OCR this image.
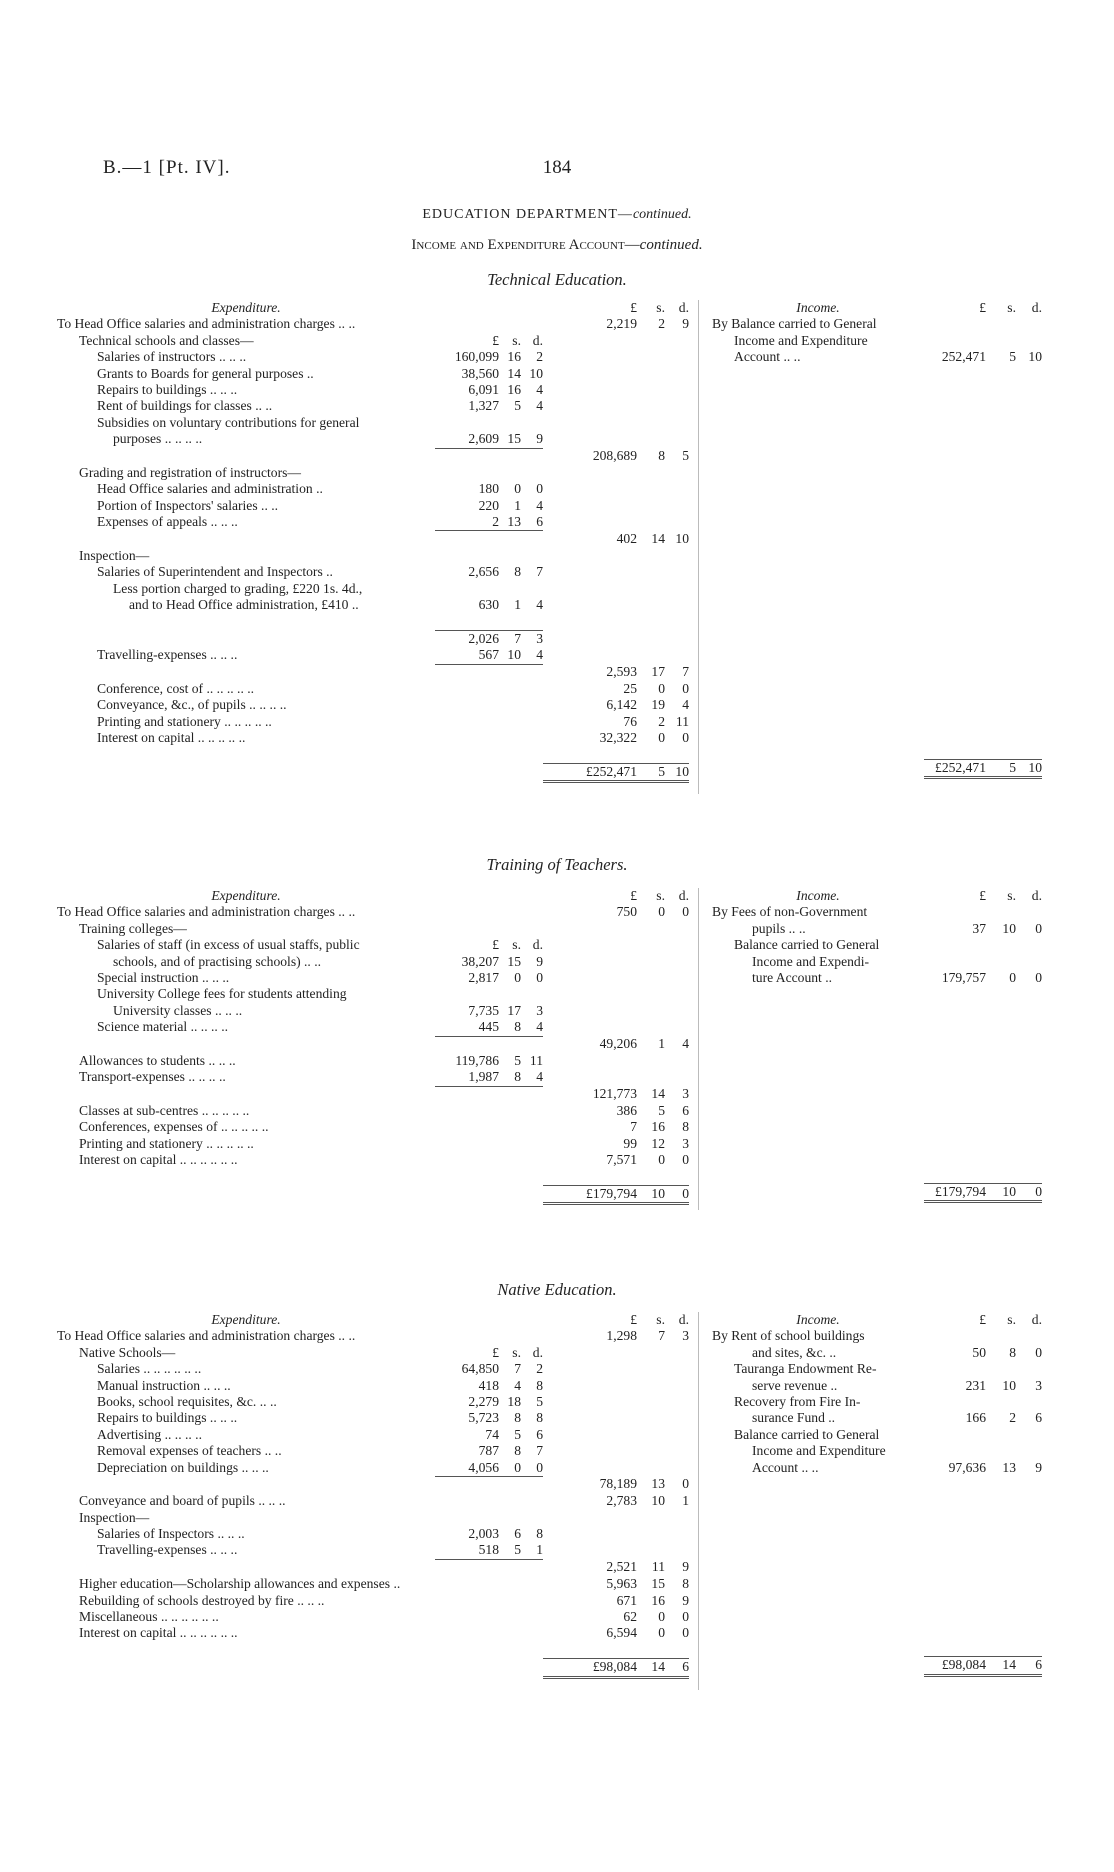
B.—1 [Pt. IV].	184
EDUCATION DEPARTMENT—continued.
Income and Expenditure Account—continued.
Technical Education.
Expenditure.				£	s.	d.
To Head Office salaries and administration charges .. ..				2,219	2	9
Technical schools and classes—	£	s.	d.			
Salaries of instructors .. .. ..	160,099	16	2			
Grants to Boards for general purposes ..	38,560	14	10			
Repairs to buildings .. .. ..	6,091	16	4			
Rent of buildings for classes .. ..	1,327	5	4			
Subsidies on voluntary contributions for general						
purposes .. .. .. ..	2,609	15	9			
				208,689	8	5
Grading and registration of instructors—						
Head Office salaries and administration ..	180	0	0			
Portion of Inspectors' salaries .. ..	220	1	4			
Expenses of appeals .. .. ..	2	13	6			
				402	14	10
Inspection—						
Salaries of Superintendent and Inspectors ..	2,656	8	7			
Less portion charged to grading, £220 1s. 4d.,						
and to Head Office administration, £410 ..	630	1	4			

	2,026	7	3			
Travelling-expenses .. .. ..	567	10	4			
				2,593	17	7
Conference, cost of .. .. .. .. ..				25	0	0
Conveyance, &c., of pupils .. .. .. ..				6,142	19	4
Printing and stationery .. .. .. .. ..				76	2	11
Interest on capital .. .. .. .. ..				32,322	0	0

				£252,471	5	10
Income.	£	s.	d.
By Balance carried to General			
Income and Expenditure			
Account .. ..	252,471	5	10

	£252,471	5	10
Training of Teachers.
Expenditure.				£	s.	d.
To Head Office salaries and administration charges .. ..				750	0	0
Training colleges—						
Salaries of staff (in excess of usual staffs, public	£	s.	d.			
schools, and of practising schools) .. ..	38,207	15	9			
Special instruction .. .. ..	2,817	0	0			
University College fees for students attending						
University classes .. .. ..	7,735	17	3			
Science material .. .. .. ..	445	8	4			
				49,206	1	4
Allowances to students .. .. ..	119,786	5	11			
Transport-expenses .. .. .. ..	1,987	8	4			
				121,773	14	3
Classes at sub-centres .. .. .. .. ..				386	5	6
Conferences, expenses of .. .. .. .. ..				7	16	8
Printing and stationery .. .. .. .. ..				99	12	3
Interest on capital .. .. .. .. .. ..				7,571	0	0

				£179,794	10	0
Income.	£	s.	d.
By Fees of non-Government			
pupils .. ..	37	10	0
Balance carried to General			
Income and Expendi-			
ture Account ..	179,757	0	0

	£179,794	10	0
Native Education.
Expenditure.				£	s.	d.
To Head Office salaries and administration charges .. ..				1,298	7	3
Native Schools—	£	s.	d.			
Salaries .. .. .. .. .. ..	64,850	7	2			
Manual instruction .. .. ..	418	4	8			
Books, school requisites, &c. .. ..	2,279	18	5			
Repairs to buildings .. .. ..	5,723	8	8			
Advertising .. .. .. ..	74	5	6			
Removal expenses of teachers .. ..	787	8	7			
Depreciation on buildings .. .. ..	4,056	0	0			
				78,189	13	0
Conveyance and board of pupils .. .. ..				2,783	10	1
Inspection—						
Salaries of Inspectors .. .. ..	2,003	6	8			
Travelling-expenses .. .. ..	518	5	1			
				2,521	11	9
Higher education—Scholarship allowances and expenses ..				5,963	15	8
Rebuilding of schools destroyed by fire .. .. ..				671	16	9
Miscellaneous .. .. .. .. .. ..				62	0	0
Interest on capital .. .. .. .. .. ..				6,594	0	0

				£98,084	14	6
Income.	£	s.	d.
By Rent of school buildings			
and sites, &c. ..	50	8	0
Tauranga Endowment Re-			
serve revenue ..	231	10	3
Recovery from Fire In-			
surance Fund ..	166	2	6
Balance carried to General			
Income and Expenditure			
Account .. ..	97,636	13	9

	£98,084	14	6
